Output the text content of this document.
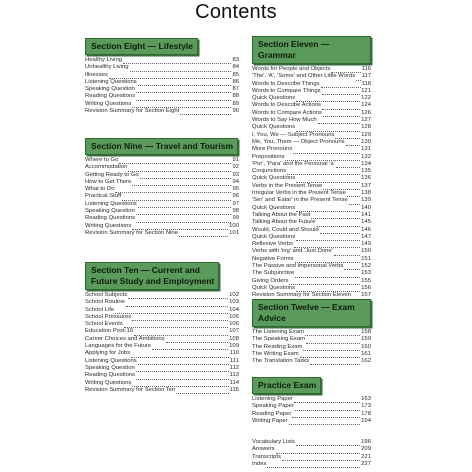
Contents
Section Eight — Lifestyle
Healthy Living	83
Unhealthy Living	84
Illnesses	85
Listening Questions	86
Speaking Question	87
Reading Questions	88
Writing Questions	89
Revision Summary for Section Eight	90
Section Nine — Travel and Tourism
Where to Go	91
Accommodation	92
Getting Ready to Go	93
How to Get There	94
What to Do	95
Practical Stuff	96
Listening Questions	97
Speaking Question	98
Reading Questions	99
Writing Questions	100
Revision Summary for Section Nine	101
Section Ten — Current and
Future Study and Employment
School Subjects	102
School Routine	103
School Life	104
School Pressures	105
School Events	106
Education Post-16	107
Career Choices and Ambitions	108
Languages for the Future	109
Applying for Jobs	110
Listening Questions	111
Speaking Question	112
Reading Questions	113
Writing Questions	114
Revision Summary for Section Ten	115
Section Eleven — Grammar
Words for People and Objects	116
'The', 'A', 'Some' and Other Little Words 117
Words to Describe Things	118
Words to Compare Things	121
Quick Questions	122
Words to Describe Actions	124
Words to Compare Actions	126
Words to Say How Much	127
Quick Questions	128
I, You, We — Subject Pronouns	129
Me, You, Them — Object Pronouns	130
More Pronouns	131
Prepositions	132
'Por', 'Para' and the Personal 'a'	134
Conjunctions	135
Quick Questions	136
Verbs in the Present Tense	137
Irregular Verbs in the Present Tense	138
'Ser' and 'Estar' in the Present Tense 139
Quick Questions	140
Talking About the Past	141
Talking About the Future	145
Would, Could and Should	146
Quick Questions	147
Reflexive Verbs	149
Verbs with 'ing' and 'Just Done'	150
Negative Forms	151
The Passive and Impersonal Verbs	152
The Subjunctive	153
Giving Orders	155
Quick Questions	156
Revision Summary for Section Eleven 157
Section Twelve — Exam Advice
The Listening Exam	158
The Speaking Exam	159
The Reading Exam	160
The Writing Exam	161
The Translation Tasks	162
Practice Exam
Listening Paper	163
Speaking Paper	173
Reading Paper	178
Writing Paper	194
Vocabulary Lists	196
Answers	209
Transcripts	221
Index	227
